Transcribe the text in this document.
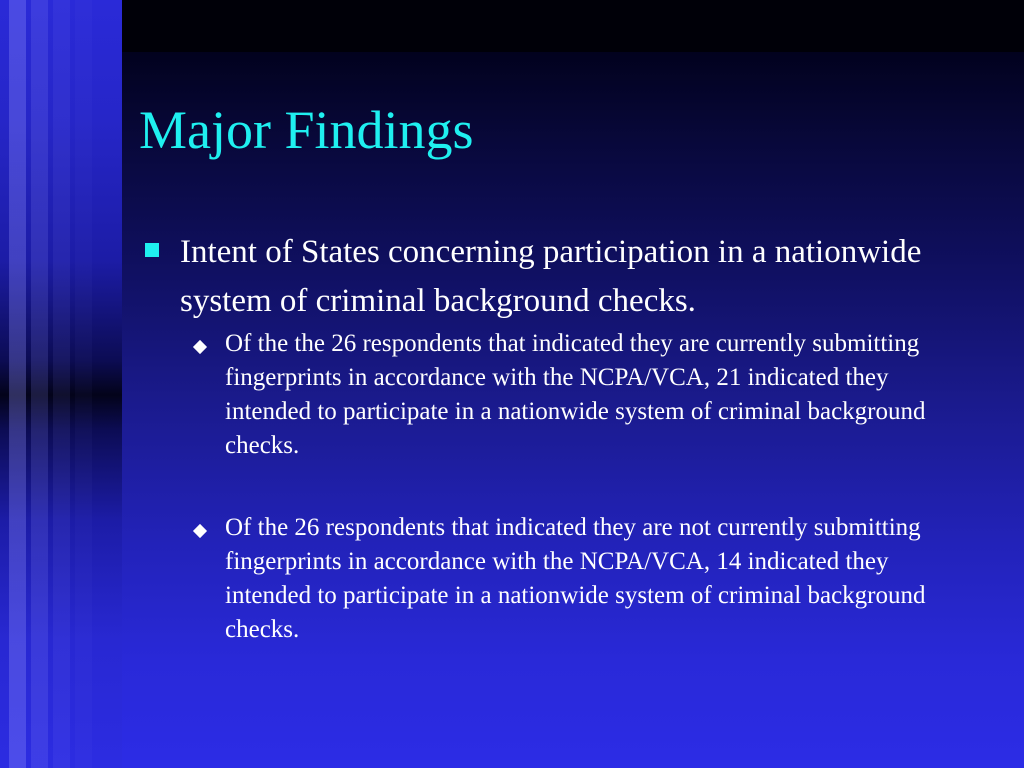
Major Findings
Intent of States concerning participation in a nationwide system of criminal background checks.
Of the the 26 respondents that indicated they are currently submitting fingerprints in accordance with the NCPA/VCA, 21 indicated they intended to participate in a nationwide system of criminal background checks.
Of the 26 respondents that indicated they are not currently submitting fingerprints in accordance with the NCPA/VCA, 14 indicated they intended to participate in a nationwide system of criminal background checks.
